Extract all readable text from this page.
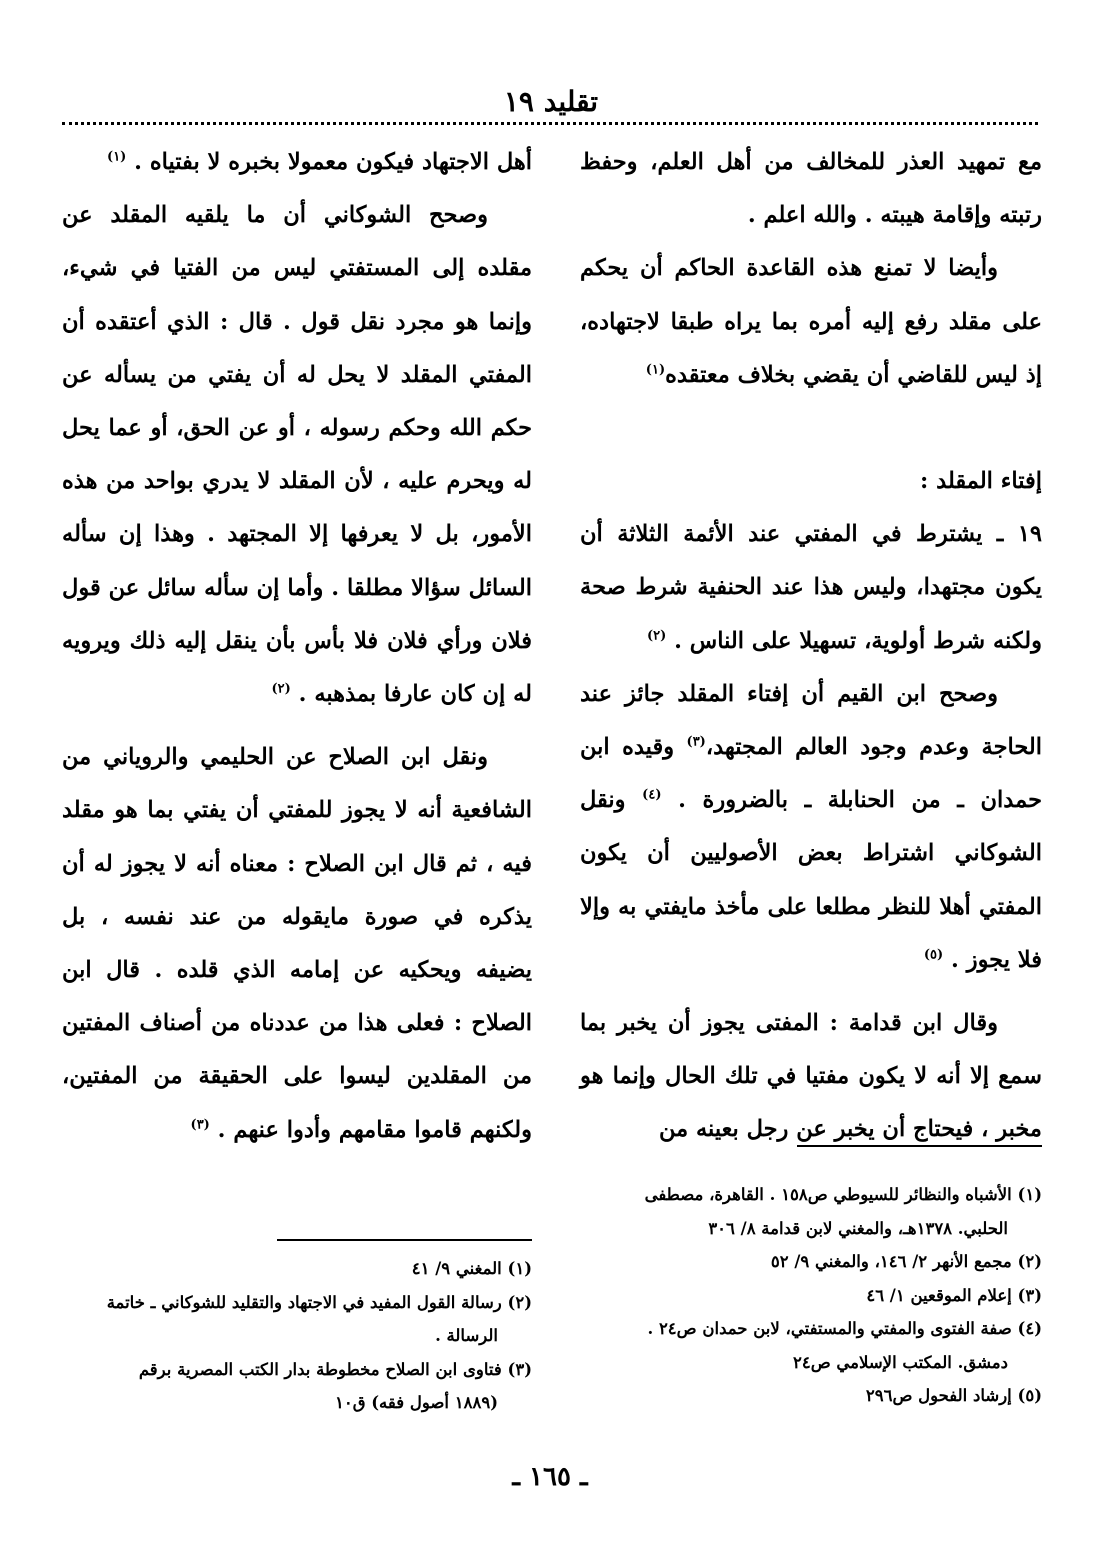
تقليد ١٩

مع تمهيد العذر للمخالف من أهل العلم، وحفظ رتبته وإقامة هيبته . والله اعلم .

وأيضا لا تمنع هذه القاعدة الحاكم أن يحكم على مقلد رفع إليه أمره بما يراه طبقا لاجتهاده، إذ ليس للقاضي أن يقضي بخلاف معتقده$^{(١)}$

إفتاء المقلد :

١٩ ـ يشترط في المفتي عند الأئمة الثلاثة أن يكون مجتهدا، وليس هذا عند الحنفية شرط صحة ولكنه شرط أولوية، تسهيلا على الناس . $^{(٢)}$

وصحح ابن القيم أن إفتاء المقلد جائز عند الحاجة وعدم وجود العالم المجتهد،$^{(٣)}$ وقيده ابن حمدان ـ من الحنابلة ـ بالضرورة . $^{(٤)}$ ونقل الشوكاني اشتراط بعض الأصوليين أن يكون المفتي أهلا للنظر مطلعا على مأخذ مايفتي به وإلا فلا يجوز . $^{(٥)}$

وقال ابن قدامة : المفتى يجوز أن يخبر بما سمع إلا أنه لا يكون مفتيا في تلك الحال وإنما هو مخبر ، فيحتاج أن يخبر عن رجل بعينه من

أهل الاجتهاد فيكون معمولا بخبره لا بفتياه . $^{(١)}$

وصحح الشوكاني أن ما يلقيه المقلد عن مقلده إلى المستفتي ليس من الفتيا في شيء، وإنما هو مجرد نقل قول . قال : الذي أعتقده أن المفتي المقلد لا يحل له أن يفتي من يسأله عن حكم الله وحكم رسوله ، أو عن الحق، أو عما يحل له ويحرم عليه ، لأن المقلد لا يدري بواحد من هذه الأمور، بل لا يعرفها إلا المجتهد . وهذا إن سأله السائل سؤالا مطلقا . وأما إن سأله سائل عن قول فلان ورأي فلان فلا بأس بأن ينقل إليه ذلك ويرويه له إن كان عارفا بمذهبه . $^{(٢)}$

ونقل ابن الصلاح عن الحليمي والروياني من الشافعية أنه لا يجوز للمفتي أن يفتي بما هو مقلد فيه ، ثم قال ابن الصلاح : معناه أنه لا يجوز له أن يذكره في صورة مايقوله من عند نفسه ، بل يضيفه ويحكيه عن إمامه الذي قلده . قال ابن الصلاح : فعلى هذا من عددناه من أصناف المفتين من المقلدين ليسوا على الحقيقة من المفتين، ولكنهم قاموا مقامهم وأدوا عنهم . $^{(٣)}$

(١) الأشباه والنظائر للسيوطي ص١٥٨ . القاهرة، مصطفى
الحلبي. ١٣٧٨هـ، والمغني لابن قدامة ٨/ ٣٠٦
(٢) مجمع الأنهر ٢/ ١٤٦، والمغني ٩/ ٥٢
(٣) إعلام الموقعين ١/ ٤٦
(٤) صفة الفتوى والمفتي والمستفتي، لابن حمدان ص٢٤ .
دمشق. المكتب الإسلامي ص٢٤
(٥) إرشاد الفحول ص٢٩٦
(١) المغني ٩/ ٤١
(٢) رسالة القول المفيد في الاجتهاد والتقليد للشوكاني ـ خاتمة
الرسالة .
(٣) فتاوى ابن الصلاح مخطوطة بدار الكتب المصرية برقم
(١٨٨٩ أصول فقه) ق١٠
ـ ١٦٥ ـ
